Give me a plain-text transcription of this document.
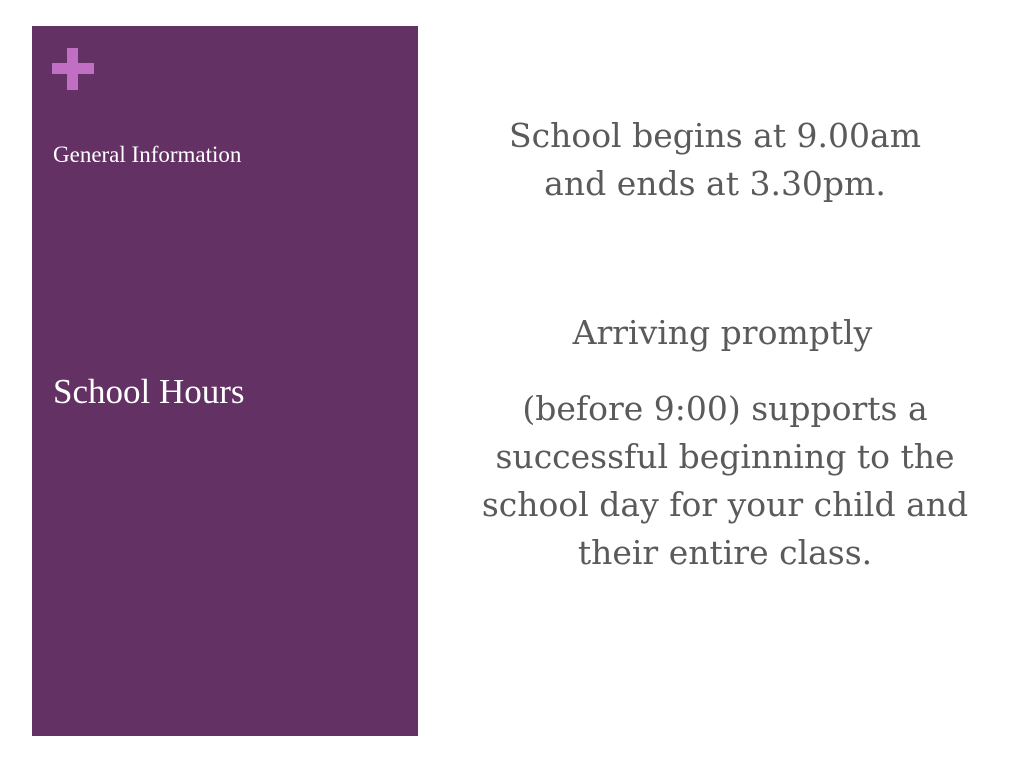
General Information
School Hours

School begins at 9.00am and ends at 3.30pm.

Arriving promptly

(before 9:00) supports a successful beginning to the school day for your child and their entire class.
